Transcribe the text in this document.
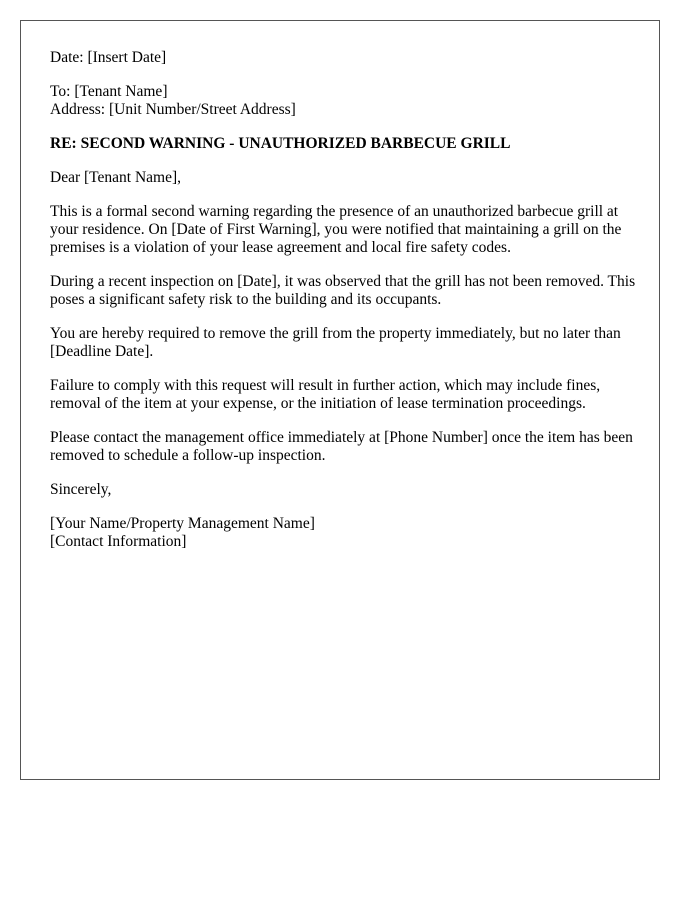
Date: [Insert Date]

To: [Tenant Name]
Address: [Unit Number/Street Address]

RE: SECOND WARNING - UNAUTHORIZED BARBECUE GRILL

Dear [Tenant Name],

This is a formal second warning regarding the presence of an unauthorized barbecue grill at your residence. On [Date of First Warning], you were notified that maintaining a grill on the premises is a violation of your lease agreement and local fire safety codes.

During a recent inspection on [Date], it was observed that the grill has not been removed. This poses a significant safety risk to the building and its occupants.

You are hereby required to remove the grill from the property immediately, but no later than [Deadline Date].

Failure to comply with this request will result in further action, which may include fines, removal of the item at your expense, or the initiation of lease termination proceedings.

Please contact the management office immediately at [Phone Number] once the item has been removed to schedule a follow-up inspection.

Sincerely,

[Your Name/Property Management Name]
[Contact Information]
